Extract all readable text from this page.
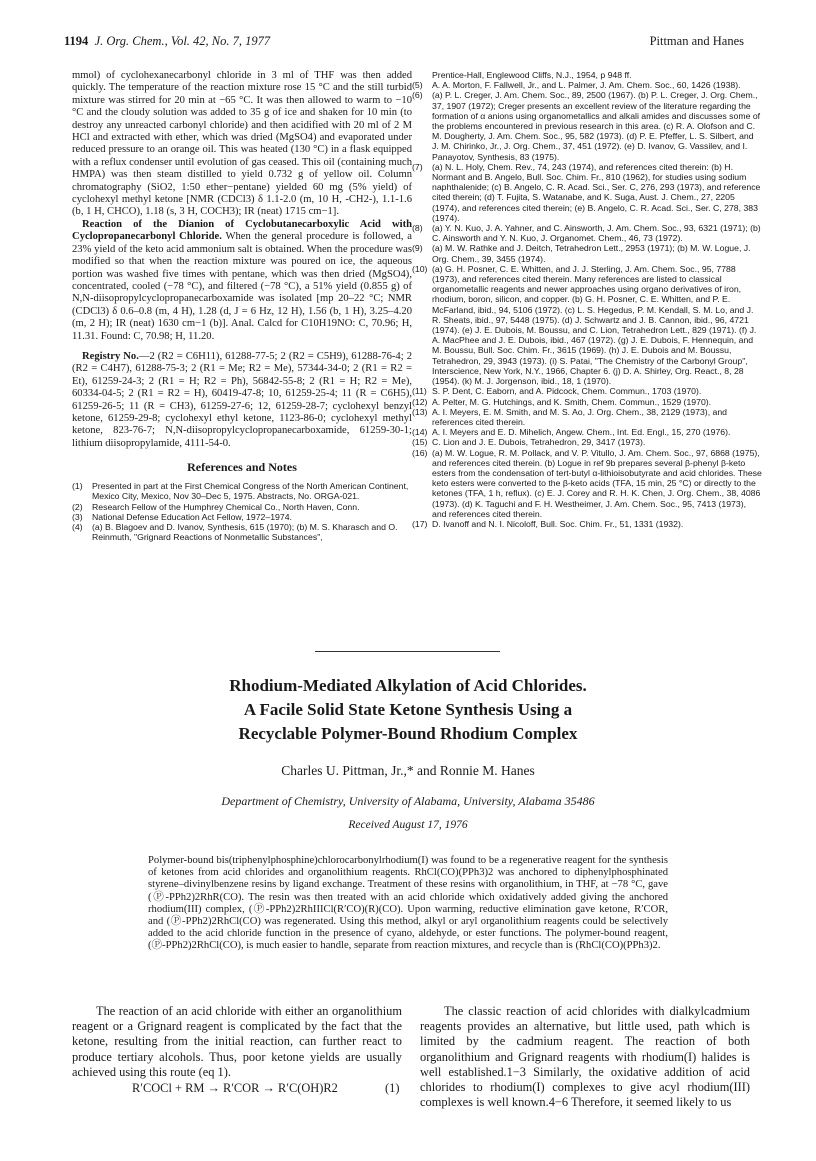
1194 J. Org. Chem., Vol. 42, No. 7, 1977	Pittman and Hanes

mmol) of cyclohexanecarbonyl chloride in 3 ml of THF was then added quickly. The temperature of the reaction mixture rose 15 °C and the still turbid mixture was stirred for 20 min at −65 °C. It was then allowed to warm to −10 °C and the cloudy solution was added to 35 g of ice and shaken for 10 min (to destroy any unreacted carbonyl chloride) and then acidified with 20 ml of 2 M HCl and extracted with ether, which was dried (MgSO4) and evaporated under reduced pressure to an orange oil. This was heated (130 °C) in a flask equipped with a reflux condenser until evolution of gas ceased. This oil (containing much HMPA) was then steam distilled to yield 0.732 g of yellow oil. Column chromatography (SiO2, 1:50 ether−pentane) yielded 60 mg (5% yield) of cyclohexyl methyl ketone [NMR (CDCl3) δ 1.1-2.0 (m, 10 H, -CH2-), 1.1-1.6 (b, 1 H, CHCO), 1.18 (s, 3 H, COCH3); IR (neat) 1715 cm−1].

Reaction of the Dianion of Cyclobutanecarboxylic Acid with Cyclopropanecarbonyl Chloride. When the general procedure is followed, a 23% yield of the keto acid ammonium salt is obtained. When the procedure was modified so that when the reaction mixture was poured on ice, the aqueous portion was washed five times with pentane, which was then dried (MgSO4), concentrated, cooled (−78 °C), and filtered (−78 °C), a 51% yield (0.855 g) of N,N-diisopropylcyclopropanecarboxamide was isolated [mp 20–22 °C; NMR (CDCl3) δ 0.6–0.8 (m, 4 H), 1.28 (d, J = 6 Hz, 12 H), 1.56 (b, 1 H), 3.25–4.20 (m, 2 H); IR (neat) 1630 cm−1 (b)]. Anal. Calcd for C10H19NO: C, 70.96; H, 11.31. Found: C, 70.98; H, 11.20.

Registry No.—2 (R2 = C6H11), 61288-77-5; 2 (R2 = C5H9), 61288-76-4; 2 (R2 = C4H7), 61288-75-3; 2 (R1 = Me; R2 = Me), 57344-34-0; 2 (R1 = R2 = Et), 61259-24-3; 2 (R1 = H; R2 = Ph), 56842-55-8; 2 (R1 = H; R2 = Me), 60334-04-5; 2 (R1 = R2 = H), 60419-47-8; 10, 61259-25-4; 11 (R = C6H5), 61259-26-5; 11 (R = CH3), 61259-27-6; 12, 61259-28-7; cyclohexyl benzyl ketone, 61259-29-8; cyclohexyl ethyl ketone, 1123-86-0; cyclohexyl methyl ketone, 823-76-7; N,N-diisopropylcyclopropanecarboxamide, 61259-30-1; lithium diisopropylamide, 4111-54-0.

References and Notes
(1)	Presented in part at the First Chemical Congress of the North American Continent, Mexico City, Mexico, Nov 30–Dec 5, 1975. Abstracts, No. ORGA-021.
(2)	Research Fellow of the Humphrey Chemical Co., North Haven, Conn.
(3)	National Defense Education Act Fellow, 1972–1974.
(4)	(a) B. Blagoev and D. Ivanov, Synthesis, 615 (1970); (b) M. S. Kharasch and O. Reinmuth, "Grignard Reactions of Nonmetallic Substances",
Prentice-Hall, Englewood Cliffs, N.J., 1954, p 948 ff.
(5)	A. A. Morton, F. Fallwell, Jr., and L. Palmer, J. Am. Chem. Soc., 60, 1426 (1938).
(6)	(a) P. L. Creger, J. Am. Chem. Soc., 89, 2500 (1967). (b) P. L. Creger, J. Org. Chem., 37, 1907 (1972); Creger presents an excellent review of the literature regarding the formation of α anions using organometallics and alkali amides and discusses some of the problems encountered in previous research in this area. (c) R. A. Olofson and C. M. Dougherty, J. Am. Chem. Soc., 95, 582 (1973). (d) P. E. Pfeffer, L. S. Silbert, and J. M. Chirinko, Jr., J. Org. Chem., 37, 451 (1972). (e) D. Ivanov, G. Vassilev, and I. Panayotov, Synthesis, 83 (1975).
(7)	(a) N. L. Holy, Chem. Rev., 74, 243 (1974), and references cited therein: (b) H. Normant and B. Angelo, Bull. Soc. Chim. Fr., 810 (1962), for studies using sodium naphthalenide; (c) B. Angelo, C. R. Acad. Sci., Ser. C, 276, 293 (1973), and reference cited therein; (d) T. Fujita, S. Watanabe, and K. Suga, Aust. J. Chem., 27, 2205 (1974), and references cited therein; (e) B. Angelo, C. R. Acad. Sci., Ser. C, 278, 383 (1974).
(8)	(a) Y. N. Kuo, J. A. Yahner, and C. Ainsworth, J. Am. Chem. Soc., 93, 6321 (1971); (b) C. Ainsworth and Y. N. Kuo, J. Organomet. Chem., 46, 73 (1972).
(9)	(a) M. W. Rathke and J. Deitch, Tetrahedron Lett., 2953 (1971); (b) M. W. Logue, J. Org. Chem., 39, 3455 (1974).
(10) (a) G. H. Posner, C. E. Whitten, and J. J. Sterling, J. Am. Chem. Soc., 95, 7788 (1973), and references cited therein. Many references are listed to classical organometallic reagents and newer approaches using organo derivatives of iron, rhodium, boron, silicon, and copper. (b) G. H. Posner, C. E. Whitten, and P. E. McFarland, ibid., 94, 5106 (1972). (c) L. S. Hegedus, P. M. Kendall, S. M. Lo, and J. R. Sheats, ibid., 97, 5448 (1975). (d) J. Schwartz and J. B. Cannon, ibid., 96, 4721 (1974). (e) J. E. Dubois, M. Boussu, and C. Lion, Tetrahedron Lett., 829 (1971). (f) J. A. MacPhee and J. E. Dubois, ibid., 467 (1972). (g) J. E. Dubois, F. Hennequin, and M. Boussu, Bull. Soc. Chim. Fr., 3615 (1969). (h) J. E. Dubois and M. Boussu, Tetrahedron, 29, 3943 (1973). (i) S. Patai, "The Chemistry of the Carbonyl Group", Interscience, New York, N.Y., 1966, Chapter 6. (j) D. A. Shirley, Org. React., 8, 28 (1954). (k) M. J. Jorgenson, ibid., 18, 1 (1970).
(11) S. P. Dent, C. Eaborn, and A. Pidcock, Chem. Commun., 1703 (1970).
(12) A. Pelter, M. G. Hutchings, and K. Smith, Chem. Commun., 1529 (1970).
(13) A. I. Meyers, E. M. Smith, and M. S. Ao, J. Org. Chem., 38, 2129 (1973), and references cited therein.
(14) A. I. Meyers and E. D. Mihelich, Angew. Chem., Int. Ed. Engl., 15, 270 (1976).
(15) C. Lion and J. E. Dubois, Tetrahedron, 29, 3417 (1973).
(16) (a) M. W. Logue, R. M. Pollack, and V. P. Vitullo, J. Am. Chem. Soc., 97, 6868 (1975), and references cited therein. (b) Logue in ref 9b prepares several β-phenyl β-keto esters from the condensation of tert-butyl α-lithioisobutyrate and acid chlorides. These keto esters were converted to the β-keto acids (TFA, 15 min, 25 °C) or directly to the ketones (TFA, 1 h, reflux). (c) E. J. Corey and R. H. K. Chen, J. Org. Chem., 38, 4086 (1973). (d) K. Taguchi and F. H. Westheimer, J. Am. Chem. Soc., 95, 7413 (1973), and references cited therein.
(17) D. Ivanoff and N. I. Nicoloff, Bull. Soc. Chim. Fr., 51, 1331 (1932).
Rhodium-Mediated Alkylation of Acid Chlorides.
A Facile Solid State Ketone Synthesis Using a
Recyclable Polymer-Bound Rhodium Complex
Charles U. Pittman, Jr.,* and Ronnie M. Hanes
Department of Chemistry, University of Alabama, University, Alabama 35486
Received August 17, 1976
Polymer-bound bis(triphenylphosphine)chlorocarbonylrhodium(I) was found to be a regenerative reagent for the synthesis of ketones from acid chlorides and organolithium reagents. RhCl(CO)(PPh3)2 was anchored to diphenylphosphinated styrene–divinylbenzene resins by ligand exchange. Treatment of these resins with organolithium, in THF, at −78 °C, gave (Ⓟ-PPh2)2RhR(CO). The resin was then treated with an acid chloride which oxidatively added giving the anchored rhodium(III) complex, (Ⓟ-PPh2)2RhIIICl(R′CO)(R)(CO). Upon warming, reductive elimination gave ketone, R′COR, and (Ⓟ-PPh2)2RhCl(CO) was regenerated. Using this method, alkyl or aryl organolithium reagents could be selectively added to the acid chloride function in the presence of cyano, aldehyde, or ester functions. The polymer-bound reagent, (Ⓟ-PPh2)2RhCl(CO), is much easier to handle, separate from reaction mixtures, and recycle than is (RhCl(CO)(PPh3)2.
The reaction of an acid chloride with either an organolithium reagent or a Grignard reagent is complicated by the fact that the ketone, resulting from the initial reaction, can further react to produce tertiary alcohols. Thus, poor ketone yields are usually achieved using this route (eq 1).
R′COCl + RM → R′COR → R′C(OH)R2	(1)
The classic reaction of acid chlorides with dialkylcadmium reagents provides an alternative, but little used, path which is limited by the cadmium reagent. The reaction of both organolithium and Grignard reagents with rhodium(I) halides is well established.1−3 Similarly, the oxidative addition of acid chlorides to rhodium(I) complexes to give acyl rhodium(III) complexes is well known.4−6 Therefore, it seemed likely to us
